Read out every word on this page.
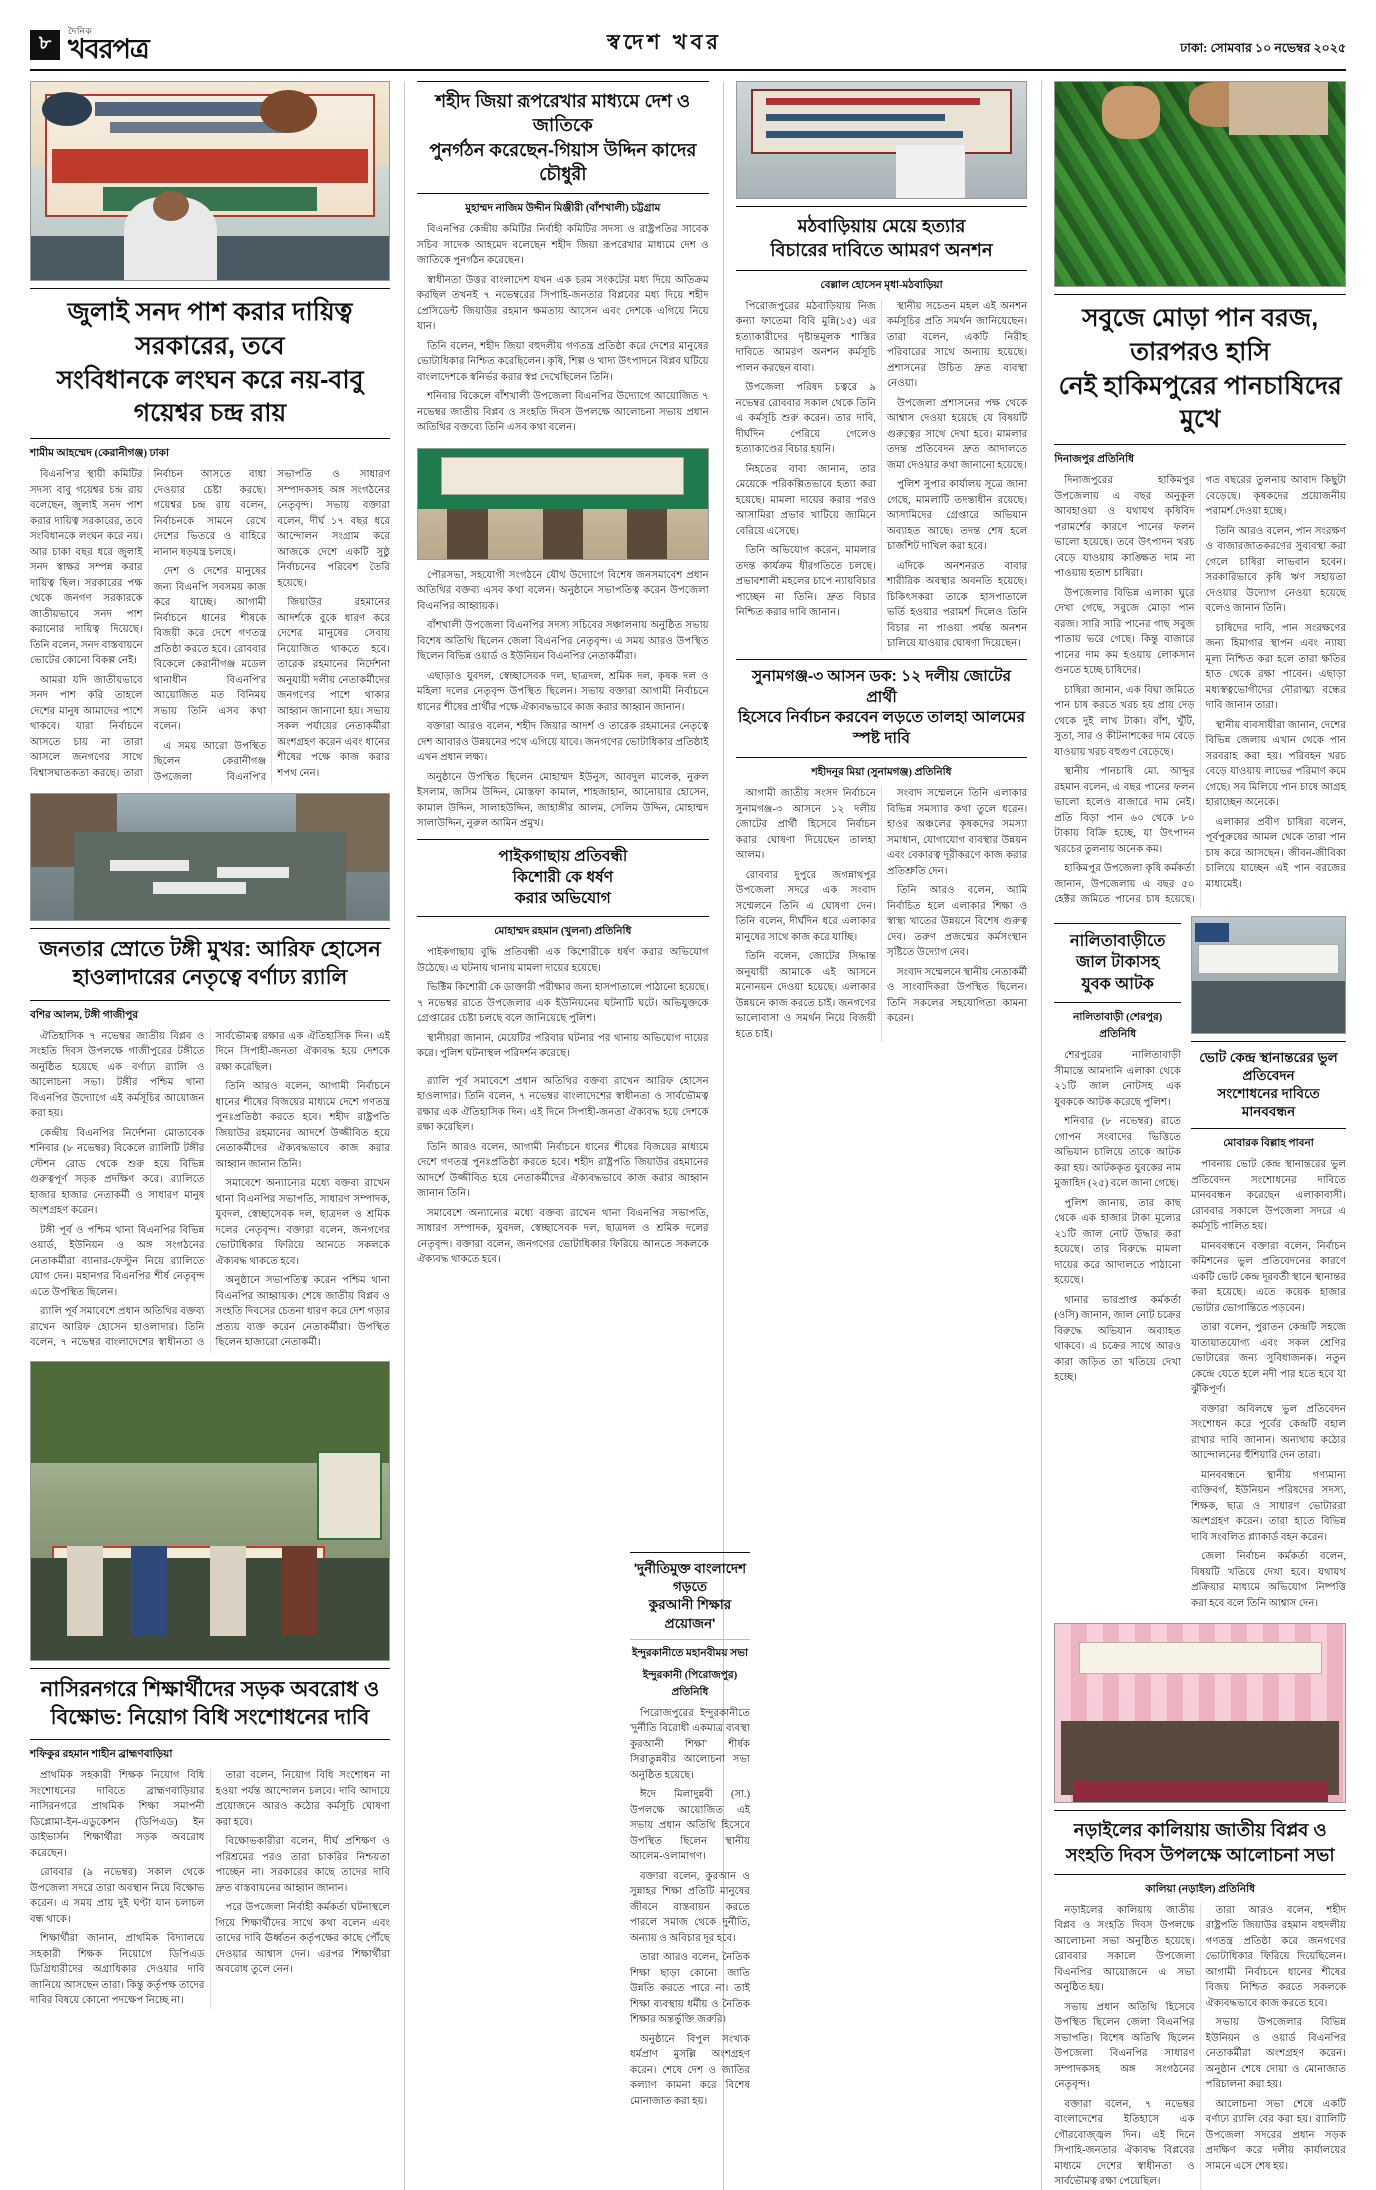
৮
দৈনিক
খবরপত্র	স্বদেশ খবর	ঢাকা: সোমবার ১০ নভেম্বর ২০২৫
জুলাই সনদ পাশ করার দায়িত্ব সরকারের, তবে
সংবিধানকে লংঘন করে নয়-বাবু গয়েশ্বর চন্দ্র রায়
শামীম আহম্মেদ (কেরানীগঞ্জ) ঢাকা

বিএনপি'র স্থায়ী কমিটির সদস্য বাবু গয়েশ্বর চন্দ্র রায় বলেছেন, জুলাই সনদ পাশ করার দায়িত্ব সরকারের, তবে সংবিধানকে লংঘন করে নয়। আর চাকা বছর ধরে জুলাই সনদ স্বাক্ষর সম্পন্ন করার দায়িত্ব ছিল। সরকারের পক্ষ থেকে জনগণ সরকারকে জাতীয়ভাবে সনদ পাশ করানোর দায়িত্ব দিয়েছে। তিনি বলেন, সনদ বাস্তবায়নে ভোটের কোনো বিকল্প নেই।

আমরা যদি জাতীয়ভাবে সনদ পাশ করি তাহলে দেশের মানুষ আমাদের পাশে থাকবে। যারা নির্বাচনে আসতে চায় না তারা আসলে জনগণের সাথে বিশ্বাসঘাতকতা করছে। তারা নির্বাচন আসতে বাধা দেওয়ার চেষ্টা করছে। গয়েশ্বর চন্দ্র রায় বলেন, নির্বাচনকে সামনে রেখে দেশের ভিতরে ও বাহিরে নানান ষড়যন্ত্র চলছে।

দেশ ও দেশের মানুষের জন্য বিএনপি সবসময় কাজ করে যাচ্ছে। আগামী নির্বাচনে ধানের শীষকে বিজয়ী করে দেশে গণতন্ত্র প্রতিষ্ঠা করতে হবে। রোববার বিকেলে কেরানীগঞ্জ মডেল থানাধীন বিএনপি'র আয়োজিত মত বিনিময় সভায় তিনি এসব কথা বলেন।

এ সময় আরো উপস্থিত ছিলেন কেরানীগঞ্জ উপজেলা বিএনপি'র সভাপতি ও সাধারণ সম্পাদকসহ অঙ্গ সংগঠনের নেতৃবৃন্দ। সভায় বক্তারা বলেন, দীর্ঘ ১৭ বছর ধরে আন্দোলন সংগ্রাম করে আজকে দেশে একটি সুষ্ঠু নির্বাচনের পরিবেশ তৈরি হয়েছে।

জিয়াউর রহমানের আদর্শকে বুকে ধারণ করে দেশের মানুষের সেবায় নিয়োজিত থাকতে হবে। তারেক রহমানের নির্দেশনা অনুযায়ী দলীয় নেতাকর্মীদের জনগণের পাশে থাকার আহ্বান জানানো হয়। সভায় সকল পর্যায়ের নেতাকর্মীরা অংশগ্রহণ করেন এবং ধানের শীষের পক্ষে কাজ করার শপথ নেন।

জনতার স্রোতে টঙ্গী মুখর: আরিফ হোসেন
হাওলাদারের নেতৃত্বে বর্ণাঢ্য র‌্যালি
বশির আলম, টঙ্গী গাজীপুর

ঐতিহাসিক ৭ নভেম্বর জাতীয় বিপ্লব ও সংহতি দিবস উপলক্ষে গাজীপুরের টঙ্গীতে অনুষ্ঠিত হয়েছে এক বর্ণাঢ্য র‌্যালি ও আলোচনা সভা। টঙ্গীর পশ্চিম থানা বিএনপির উদ্যোগে এই কর্মসূচির আয়োজন করা হয়।

কেন্দ্রীয় বিএনপির নির্দেশনা মোতাবেক শনিবার (৮ নভেম্বর) বিকেলে র‌্যালিটি টঙ্গীর স্টেশন রোড থেকে শুরু হয়ে বিভিন্ন গুরুত্বপূর্ণ সড়ক প্রদক্ষিণ করে। র‌্যালিতে হাজার হাজার নেতাকর্মী ও সাধারণ মানুষ অংশগ্রহণ করেন।

টঙ্গী পূর্ব ও পশ্চিম থানা বিএনপির বিভিন্ন ওয়ার্ড, ইউনিয়ন ও অঙ্গ সংগঠনের নেতাকর্মীরা ব্যানার-ফেস্টুন নিয়ে র‌্যালিতে যোগ দেন। মহানগর বিএনপির শীর্ষ নেতৃবৃন্দ এতে উপস্থিত ছিলেন।

র‌্যালি পূর্ব সমাবেশে প্রধান অতিথির বক্তব্য রাখেন আরিফ হোসেন হাওলাদার। তিনি বলেন, ৭ নভেম্বর বাংলাদেশের স্বাধীনতা ও সার্বভৌমত্ব রক্ষার এক ঐতিহাসিক দিন। এই দিনে সিপাহী-জনতা ঐক্যবদ্ধ হয়ে দেশকে রক্ষা করেছিল।

তিনি আরও বলেন, আগামী নির্বাচনে ধানের শীষের বিজয়ের মাধ্যমে দেশে গণতন্ত্র পুনঃপ্রতিষ্ঠা করতে হবে। শহীদ রাষ্ট্রপতি জিয়াউর রহমানের আদর্শে উজ্জীবিত হয়ে নেতাকর্মীদের ঐক্যবদ্ধভাবে কাজ করার আহ্বান জানান তিনি।

সমাবেশে অন্যান্যের মধ্যে বক্তব্য রাখেন থানা বিএনপির সভাপতি, সাধারণ সম্পাদক, যুবদল, স্বেচ্ছাসেবক দল, ছাত্রদল ও শ্রমিক দলের নেতৃবৃন্দ। বক্তারা বলেন, জনগণের ভোটাধিকার ফিরিয়ে আনতে সকলকে ঐক্যবদ্ধ থাকতে হবে।

অনুষ্ঠানে সভাপতিত্ব করেন পশ্চিম থানা বিএনপির আহ্বায়ক। শেষে জাতীয় বিপ্লব ও সংহতি দিবসের চেতনা ধারণ করে দেশ গড়ার প্রত্যয় ব্যক্ত করেন নেতাকর্মীরা। উপস্থিত ছিলেন হাজারো নেতাকর্মী।

নাসিরনগরে শিক্ষার্থীদের সড়ক অবরোধ ও
বিক্ষোভ: নিয়োগ বিধি সংশোধনের দাবি
শফিকুর রহমান শাহীন ব্রাহ্মণবাড়িয়া

প্রাথমিক সহকারী শিক্ষক নিয়োগ বিধি সংশোধনের দাবিতে ব্রাহ্মণবাড়িয়ার নাসিরনগরে প্রাথমিক শিক্ষা সমাপনী ডিপ্লোমা-ইন-এডুকেশন (ডিপিএড) ইন ডাইভার্সন শিক্ষার্থীরা সড়ক অবরোধ করেছেন।

রোববার (৯ নভেম্বর) সকাল থেকে উপজেলা সদরে তারা অবস্থান নিয়ে বিক্ষোভ করেন। এ সময় প্রায় দুই ঘণ্টা যান চলাচল বন্ধ থাকে।

শিক্ষার্থীরা জানান, প্রাথমিক বিদ্যালয়ে সহকারী শিক্ষক নিয়োগে ডিপিএড ডিগ্রিধারীদের অগ্রাধিকার দেওয়ার দাবি জানিয়ে আসছেন তারা। কিন্তু কর্তৃপক্ষ তাদের দাবির বিষয়ে কোনো পদক্ষেপ নিচ্ছে না।

তারা বলেন, নিয়োগ বিধি সংশোধন না হওয়া পর্যন্ত আন্দোলন চলবে। দাবি আদায়ে প্রয়োজনে আরও কঠোর কর্মসূচি ঘোষণা করা হবে।

বিক্ষোভকারীরা বলেন, দীর্ঘ প্রশিক্ষণ ও পরিশ্রমের পরও তারা চাকরির নিশ্চয়তা পাচ্ছেন না। সরকারের কাছে তাদের দাবি দ্রুত বাস্তবায়নের আহ্বান জানান।

পরে উপজেলা নির্বাহী কর্মকর্তা ঘটনাস্থলে গিয়ে শিক্ষার্থীদের সাথে কথা বলেন এবং তাদের দাবি ঊর্ধ্বতন কর্তৃপক্ষের কাছে পৌঁছে দেওয়ার আশ্বাস দেন। এরপর শিক্ষার্থীরা অবরোধ তুলে নেন।

শহীদ জিয়া রূপরেখার মাধ্যমে দেশ ও জাতিকে
পুনর্গঠন করেছেন-গিয়াস উদ্দিন কাদের চৌধুরী
মুহাম্মদ নাজিম উদ্দীন মিঞ্জীরী (বাঁশখালী) চট্টগ্রাম

বিএনপির কেন্দ্রীয় কমিটির নির্বাহী কমিটির সদস্য ও রাষ্ট্রপতির সাবেক সচিব সাদেক আহমেদ বলেছেন শহীদ জিয়া রূপরেখার মাধ্যমে দেশ ও জাতিকে পুনর্গঠন করেছেন।

স্বাধীনতা উত্তর বাংলাদেশ যখন এক চরম সংকটের মধ্য দিয়ে অতিক্রম করছিল তখনই ৭ নভেম্বরের সিপাহি-জনতার বিপ্লবের মধ্য দিয়ে শহীদ প্রেসিডেন্ট জিয়াউর রহমান ক্ষমতায় আসেন এবং দেশকে এগিয়ে নিয়ে যান।

তিনি বলেন, শহীদ জিয়া বহুদলীয় গণতন্ত্র প্রতিষ্ঠা করে দেশের মানুষের ভোটাধিকার নিশ্চিত করেছিলেন। কৃষি, শিল্প ও খাদ্য উৎপাদনে বিপ্লব ঘটিয়ে বাংলাদেশকে স্বনির্ভর করার স্বপ্ন দেখেছিলেন তিনি।

শনিবার বিকেলে বাঁশখালী উপজেলা বিএনপির উদ্যোগে আয়োজিত ৭ নভেম্বর জাতীয় বিপ্লব ও সংহতি দিবস উপলক্ষে আলোচনা সভায় প্রধান অতিথির বক্তব্যে তিনি এসব কথা বলেন।

পৌরসভা, সহযোগী সংগঠনে যৌথ উদ্যোগে বিশেষ জনসমাবেশ প্রধান অতিথির বক্তব্য এসব কথা বলেন। অনুষ্ঠানে সভাপতিত্ব করেন উপজেলা বিএনপির আহ্বায়ক।

বাঁশখালী উপজেলা বিএনপির সদস্য সচিবের সঞ্চালনায় অনুষ্ঠিত সভায় বিশেষ অতিথি ছিলেন জেলা বিএনপির নেতৃবৃন্দ। এ সময় আরও উপস্থিত ছিলেন বিভিন্ন ওয়ার্ড ও ইউনিয়ন বিএনপির নেতাকর্মীরা।

এছাড়াও যুবদল, স্বেচ্ছাসেবক দল, ছাত্রদল, শ্রমিক দল, কৃষক দল ও মহিলা দলের নেতৃবৃন্দ উপস্থিত ছিলেন। সভায় বক্তারা আগামী নির্বাচনে ধানের শীষের প্রার্থীর পক্ষে ঐক্যবদ্ধভাবে কাজ করার আহ্বান জানান।

বক্তারা আরও বলেন, শহীদ জিয়ার আদর্শ ও তারেক রহমানের নেতৃত্বে দেশ আবারও উন্নয়নের পথে এগিয়ে যাবে। জনগণের ভোটাধিকার প্রতিষ্ঠাই এখন প্রধান লক্ষ্য।

অনুষ্ঠানে উপস্থিত ছিলেন মোহাম্মদ ইউনুস, আবদুল মালেক, নুরুল ইসলাম, জসিম উদ্দিন, মোস্তফা কামাল, শাহজাহান, আনোয়ার হোসেন, কামাল উদ্দিন, সালাহউদ্দিন, জাহাঙ্গীর আলম, সেলিম উদ্দিন, মোহাম্মদ সালাউদ্দিন, নুরুল আমিন প্রমুখ।

পাইকগাছায় প্রতিবন্ধী
কিশোরী কে ধর্ষণ
করার অভিযোগ
মোহাম্মদ রহমান (খুলনা) প্রতিনিধি

পাইকগাছায় বুদ্ধি প্রতিবন্ধী এক কিশোরীকে ধর্ষণ করার অভিযোগ উঠেছে। এ ঘটনায় থানায় মামলা দায়ের হয়েছে।

ভিক্টিম কিশোরী কে ডাক্তারী পরীক্ষার জন্য হাসপাতালে পাঠানো হয়েছে। ৭ নভেম্বর রাতে উপজেলার এক ইউনিয়নের ঘটনাটি ঘটে। অভিযুক্তকে গ্রেপ্তারের চেষ্টা চলছে বলে জানিয়েছে পুলিশ।

স্থানীয়রা জানান, মেয়েটির পরিবার ঘটনার পর থানায় অভিযোগ দায়ের করে। পুলিশ ঘটনাস্থল পরিদর্শন করেছে।

র‌্যালি পূর্ব সমাবেশে প্রধান অতিথির বক্তব্য রাখেন আরিফ হোসেন হাওলাদার। তিনি বলেন, ৭ নভেম্বর বাংলাদেশের স্বাধীনতা ও সার্বভৌমত্ব রক্ষার এক ঐতিহাসিক দিন। এই দিনে সিপাহী-জনতা ঐক্যবদ্ধ হয়ে দেশকে রক্ষা করেছিল।

তিনি আরও বলেন, আগামী নির্বাচনে ধানের শীষের বিজয়ের মাধ্যমে দেশে গণতন্ত্র পুনঃপ্রতিষ্ঠা করতে হবে। শহীদ রাষ্ট্রপতি জিয়াউর রহমানের আদর্শে উজ্জীবিত হয়ে নেতাকর্মীদের ঐক্যবদ্ধভাবে কাজ করার আহ্বান জানান তিনি।

সমাবেশে অন্যান্যের মধ্যে বক্তব্য রাখেন থানা বিএনপির সভাপতি, সাধারণ সম্পাদক, যুবদল, স্বেচ্ছাসেবক দল, ছাত্রদল ও শ্রমিক দলের নেতৃবৃন্দ। বক্তারা বলেন, জনগণের ভোটাধিকার ফিরিয়ে আনতে সকলকে ঐক্যবদ্ধ থাকতে হবে।

মঠবাড়িয়ায় মেয়ে হত্যার
বিচারের দাবিতে আমরণ অনশন
বেল্লাল হোসেন মৃধা-মঠবাড়িয়া

পিরোজপুরের মঠবাড়িয়ায় নিজ কন্যা ফাতেমা বিবি মুন্নি(১৫) এর হত্যাকারীদের দৃষ্টান্তমূলক শাস্তির দাবিতে আমরণ অনশন কর্মসূচি পালন করছেন বাবা।

উপজেলা পরিষদ চত্বরে ৯ নভেম্বর রোববার সকাল থেকে তিনি এ কর্মসূচি শুরু করেন। তার দাবি, দীর্ঘদিন পেরিয়ে গেলেও হত্যাকাণ্ডের বিচার হয়নি।

নিহতের বাবা জানান, তার মেয়েকে পরিকল্পিতভাবে হত্যা করা হয়েছে। মামলা দায়ের করার পরও আসামিরা প্রভাব খাটিয়ে জামিনে বেরিয়ে এসেছে।

তিনি অভিযোগ করেন, মামলার তদন্ত কার্যক্রম ধীরগতিতে চলছে। প্রভাবশালী মহলের চাপে ন্যায়বিচার পাচ্ছেন না তিনি। দ্রুত বিচার নিশ্চিত করার দাবি জানান।

স্থানীয় সচেতন মহল এই অনশন কর্মসূচির প্রতি সমর্থন জানিয়েছেন। তারা বলেন, একটি নিরীহ পরিবারের সাথে অন্যায় হয়েছে। প্রশাসনের উচিত দ্রুত ব্যবস্থা নেওয়া।

উপজেলা প্রশাসনের পক্ষ থেকে আশ্বাস দেওয়া হয়েছে যে বিষয়টি গুরুত্বের সাথে দেখা হবে। মামলার তদন্ত প্রতিবেদন দ্রুত আদালতে জমা দেওয়ার কথা জানানো হয়েছে।

পুলিশ সুপার কার্যালয় সূত্রে জানা গেছে, মামলাটি তদন্তাধীন রয়েছে। আসামিদের গ্রেপ্তারে অভিযান অব্যাহত আছে। তদন্ত শেষ হলে চার্জশিট দাখিল করা হবে।

এদিকে অনশনরত বাবার শারীরিক অবস্থার অবনতি হয়েছে। চিকিৎসকরা তাকে হাসপাতালে ভর্তি হওয়ার পরামর্শ দিলেও তিনি বিচার না পাওয়া পর্যন্ত অনশন চালিয়ে যাওয়ার ঘোষণা দিয়েছেন।

সুনামগঞ্জ-৩ আসন ডক: ১২ দলীয় জোটের প্রার্থী
হিসেবে নির্বাচন করবেন লড়তে তালহা আলমের স্পষ্ট দাবি
শহীদনূর মিয়া (সুনামগঞ্জ) প্রতিনিধি

আগামী জাতীয় সংসদ নির্বাচনে সুনামগঞ্জ-৩ আসনে ১২ দলীয় জোটের প্রার্থী হিসেবে নির্বাচন করার ঘোষণা দিয়েছেন তালহা আলম।

রোববার দুপুরে জগন্নাথপুর উপজেলা সদরে এক সংবাদ সম্মেলনে তিনি এ ঘোষণা দেন। তিনি বলেন, দীর্ঘদিন ধরে এলাকার মানুষের সাথে কাজ করে যাচ্ছি।

তিনি বলেন, জোটের সিদ্ধান্ত অনুযায়ী আমাকে এই আসনে মনোনয়ন দেওয়া হয়েছে। এলাকার উন্নয়নে কাজ করতে চাই। জনগণের ভালোবাসা ও সমর্থন নিয়ে বিজয়ী হতে চাই।

সংবাদ সম্মেলনে তিনি এলাকার বিভিন্ন সমস্যার কথা তুলে ধরেন। হাওর অঞ্চলের কৃষকদের সমস্যা সমাধান, যোগাযোগ ব্যবস্থার উন্নয়ন এবং বেকারত্ব দূরীকরণে কাজ করার প্রতিশ্রুতি দেন।

তিনি আরও বলেন, আমি নির্বাচিত হলে এলাকার শিক্ষা ও স্বাস্থ্য খাতের উন্নয়নে বিশেষ গুরুত্ব দেব। তরুণ প্রজন্মের কর্মসংস্থান সৃষ্টিতে উদ্যোগ নেব।

সংবাদ সম্মেলনে স্থানীয় নেতাকর্মী ও সাংবাদিকরা উপস্থিত ছিলেন। তিনি সকলের সহযোগিতা কামনা করেন।

সবুজে মোড়া পান বরজ, তারপরও হাসি
নেই হাকিমপুরের পানচাষিদের মুখে
দিনাজপুর প্রতিনিধি

দিনাজপুরের হাকিমপুর উপজেলায় এ বছর অনুকূল আবহাওয়া ও যথাযথ কৃষিবিদ পরামর্শের কারণে পানের ফলন ভালো হয়েছে। তবে উৎপাদন খরচ বেড়ে যাওয়ায় কাঙ্ক্ষিত দাম না পাওয়ায় হতাশ চাষিরা।

উপজেলার বিভিন্ন এলাকা ঘুরে দেখা গেছে, সবুজে মোড়া পান বরজ। সারি সারি পানের গাছ সবুজ পাতায় ভরে গেছে। কিন্তু বাজারে পানের দাম কম হওয়ায় লোকসান গুনতে হচ্ছে চাষিদের।

চাষিরা জানান, এক বিঘা জমিতে পান চাষ করতে খরচ হয় প্রায় দেড় থেকে দুই লাখ টাকা। বাঁশ, খুঁটি, সুতা, সার ও কীটনাশকের দাম বেড়ে যাওয়ায় খরচ বহুগুণ বেড়েছে।

স্থানীয় পানচাষি মো. আব্দুর রহমান বলেন, এ বছর পানের ফলন ভালো হলেও বাজারে দাম নেই। প্রতি বিড়া পান ৬০ থেকে ৮০ টাকায় বিক্রি হচ্ছে, যা উৎপাদন খরচের তুলনায় অনেক কম।

হাকিমপুর উপজেলা কৃষি কর্মকর্তা জানান, উপজেলায় এ বছর ৫০ হেক্টর জমিতে পানের চাষ হয়েছে। গত বছরের তুলনায় আবাদ কিছুটা বেড়েছে। কৃষকদের প্রয়োজনীয় পরামর্শ দেওয়া হচ্ছে।

তিনি আরও বলেন, পান সংরক্ষণ ও বাজারজাতকরণের সুব্যবস্থা করা গেলে চাষিরা লাভবান হবেন। সরকারিভাবে কৃষি ঋণ সহায়তা দেওয়ার উদ্যোগ নেওয়া হয়েছে বলেও জানান তিনি।

চাষিদের দাবি, পান সংরক্ষণের জন্য হিমাগার স্থাপন এবং ন্যায্য মূল্য নিশ্চিত করা হলে তারা ক্ষতির হাত থেকে রক্ষা পাবেন। এছাড়া মধ্যস্বত্বভোগীদের দৌরাত্ম্য বন্ধের দাবি জানান তারা।

স্থানীয় ব্যবসায়ীরা জানান, দেশের বিভিন্ন জেলায় এখান থেকে পান সরবরাহ করা হয়। পরিবহন খরচ বেড়ে যাওয়ায় লাভের পরিমাণ কমে গেছে। সব মিলিয়ে পান চাষে আগ্রহ হারাচ্ছেন অনেকে।

এলাকার প্রবীণ চাষিরা বলেন, পূর্বপুরুষের আমল থেকে তারা পান চাষ করে আসছেন। জীবন-জীবিকা চালিয়ে যাচ্ছেন এই পান বরজের মাধ্যমেই।

নালিতাবাড়ীতে
জাল টাকাসহ
যুবক আটক
নালিতাবাড়ী (শেরপুর) প্রতিনিধি

শেরপুরের নালিতাবাড়ী সীমান্তে আমদানি এলাকা থেকে ২১টি জাল নোটসহ এক যুবককে আটক করেছে পুলিশ।

শনিবার (৮ নভেম্বর) রাতে গোপন সংবাদের ভিত্তিতে অভিযান চালিয়ে তাকে আটক করা হয়। আটককৃত যুবকের নাম মুজাহিদ (২৫) বলে জানা গেছে।

পুলিশ জানায়, তার কাছ থেকে এক হাজার টাকা মূল্যের ২১টি জাল নোট উদ্ধার করা হয়েছে। তার বিরুদ্ধে মামলা দায়ের করে আদালতে পাঠানো হয়েছে।

থানার ভারপ্রাপ্ত কর্মকর্তা (ওসি) জানান, জাল নোট চক্রের বিরুদ্ধে অভিযান অব্যাহত থাকবে। এ চক্রের সাথে আরও কারা জড়িত তা খতিয়ে দেখা হচ্ছে।

ভোট কেন্দ্র স্থানান্তরের ভুল প্রতিবেদন
সংশোধনের দাবিতে মানববন্ধন
মোবারক বিল্লাহ পাবনা

পাবনায় ভোট কেন্দ্র স্থানান্তরের ভুল প্রতিবেদন সংশোধনের দাবিতে মানববন্ধন করেছেন এলাকাবাসী। রোববার সকালে উপজেলা সদরে এ কর্মসূচি পালিত হয়।

মানববন্ধনে বক্তারা বলেন, নির্বাচন কমিশনের ভুল প্রতিবেদনের কারণে একটি ভোট কেন্দ্র দূরবর্তী স্থানে স্থানান্তর করা হয়েছে। এতে কয়েক হাজার ভোটার ভোগান্তিতে পড়বেন।

তারা বলেন, পুরাতন কেন্দ্রটি সহজে যাতায়াতযোগ্য এবং সকল শ্রেণির ভোটারের জন্য সুবিধাজনক। নতুন কেন্দ্রে যেতে হলে নদী পার হতে হবে যা ঝুঁকিপূর্ণ।

বক্তারা অবিলম্বে ভুল প্রতিবেদন সংশোধন করে পূর্বের কেন্দ্রটি বহাল রাখার দাবি জানান। অন্যথায় কঠোর আন্দোলনের হুঁশিয়ারি দেন তারা।

মানববন্ধনে স্থানীয় গণ্যমান্য ব্যক্তিবর্গ, ইউনিয়ন পরিষদের সদস্য, শিক্ষক, ছাত্র ও সাধারণ ভোটাররা অংশগ্রহণ করেন। তারা হাতে বিভিন্ন দাবি সংবলিত প্ল্যাকার্ড বহন করেন।

জেলা নির্বাচন কর্মকর্তা বলেন, বিষয়টি খতিয়ে দেখা হবে। যথাযথ প্রক্রিয়ার মাধ্যমে অভিযোগ নিষ্পত্তি করা হবে বলে তিনি আশ্বাস দেন।

নড়াইলের কালিয়ায় জাতীয় বিপ্লব ও
সংহতি দিবস উপলক্ষে আলোচনা সভা
কালিয়া (নড়াইল) প্রতিনিধি

নড়াইলের কালিয়ায় জাতীয় বিপ্লব ও সংহতি দিবস উপলক্ষে আলোচনা সভা অনুষ্ঠিত হয়েছে। রোববার সকালে উপজেলা বিএনপির আয়োজনে এ সভা অনুষ্ঠিত হয়।

সভায় প্রধান অতিথি হিসেবে উপস্থিত ছিলেন জেলা বিএনপির সভাপতি। বিশেষ অতিথি ছিলেন উপজেলা বিএনপির সাধারণ সম্পাদকসহ অঙ্গ সংগঠনের নেতৃবৃন্দ।

বক্তারা বলেন, ৭ নভেম্বর বাংলাদেশের ইতিহাসে এক গৌরবোজ্জ্বল দিন। এই দিনে সিপাহি-জনতার ঐক্যবদ্ধ বিপ্লবের মাধ্যমে দেশের স্বাধীনতা ও সার্বভৌমত্ব রক্ষা পেয়েছিল।

তারা আরও বলেন, শহীদ রাষ্ট্রপতি জিয়াউর রহমান বহুদলীয় গণতন্ত্র প্রতিষ্ঠা করে জনগণের ভোটাধিকার ফিরিয়ে দিয়েছিলেন। আগামী নির্বাচনে ধানের শীষের বিজয় নিশ্চিত করতে সকলকে ঐক্যবদ্ধভাবে কাজ করতে হবে।

সভায় উপজেলার বিভিন্ন ইউনিয়ন ও ওয়ার্ড বিএনপির নেতাকর্মীরা অংশগ্রহণ করেন। অনুষ্ঠান শেষে দোয়া ও মোনাজাত পরিচালনা করা হয়।

আলোচনা সভা শেষে একটি বর্ণাঢ্য র‌্যালি বের করা হয়। র‌্যালিটি উপজেলা সদরের প্রধান সড়ক প্রদক্ষিণ করে দলীয় কার্যালয়ের সামনে এসে শেষ হয়।

'দুর্নীতিমুক্ত বাংলাদেশ গড়তে
কুরআনী শিক্ষার প্রয়োজন'
ইন্দুরকানীতে মহানবীময় সভা
ইন্দুরকানী (পিরোজপুর) প্রতিনিধি

পিরোজপুরের ইন্দুরকানীতে 'দুর্নীতি বিরোধী একমাত্র ব্যবস্থা কুরআনী শিক্ষা' শীর্ষক সিরাতুন্নবীর আলোচনা সভা অনুষ্ঠিত হয়েছে।

ঈদে মিলাদুন্নবী (সা.) উপলক্ষে আয়োজিত এই সভায় প্রধান অতিথি হিসেবে উপস্থিত ছিলেন স্থানীয় আলেম-ওলামাগণ।

বক্তারা বলেন, কুরআন ও সুন্নাহর শিক্ষা প্রতিটি মানুষের জীবনে বাস্তবায়ন করতে পারলে সমাজ থেকে দুর্নীতি, অন্যায় ও অবিচার দূর হবে।

তারা আরও বলেন, নৈতিক শিক্ষা ছাড়া কোনো জাতি উন্নতি করতে পারে না। তাই শিক্ষা ব্যবস্থায় ধর্মীয় ও নৈতিক শিক্ষার অন্তর্ভুক্তি জরুরি।

অনুষ্ঠানে বিপুল সংখ্যক ধর্মপ্রাণ মুসল্লি অংশগ্রহণ করেন। শেষে দেশ ও জাতির কল্যাণ কামনা করে বিশেষ মোনাজাত করা হয়।
